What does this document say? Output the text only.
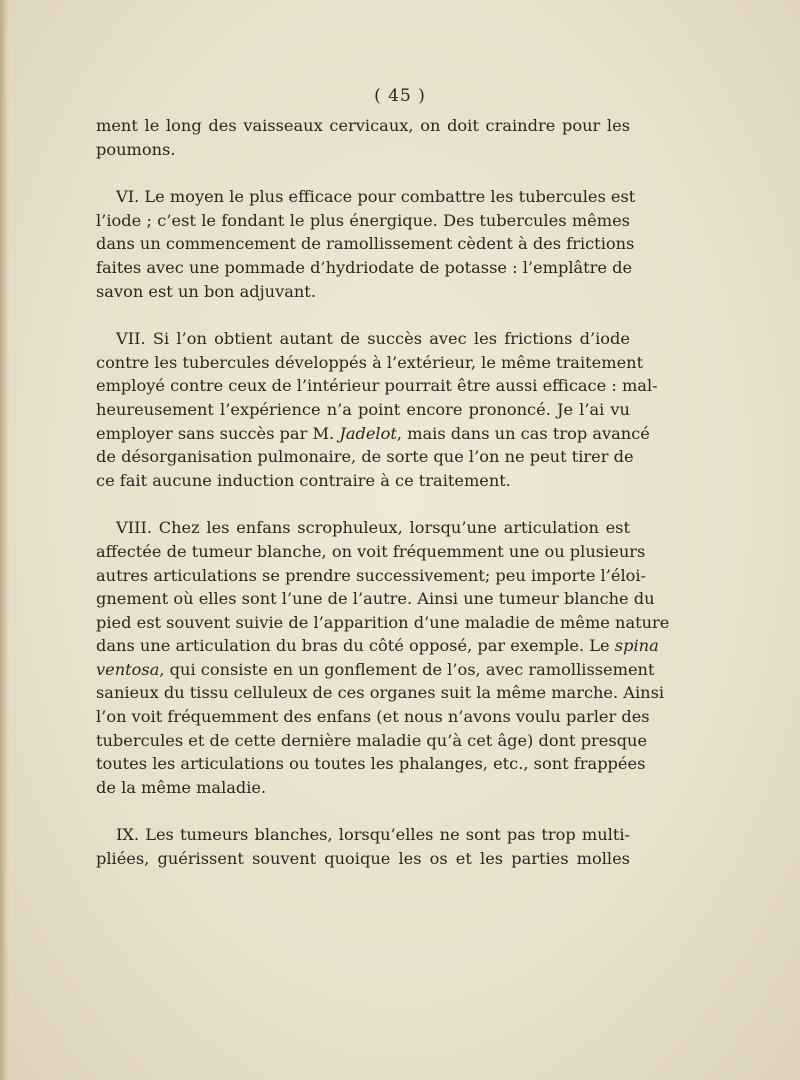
( 45 )
ment le long des vaisseaux cervicaux, on doit craindre pour les
poumons.
VI. Le moyen le plus efficace pour combattre les tubercules est
l’iode ; c’est le fondant le plus énergique. Des tubercules mêmes
dans un commencement de ramollissement cèdent à des frictions
faites avec une pommade d’hydriodate de potasse : l’emplâtre de
savon est un bon adjuvant.
VII. Si l’on obtient autant de succès avec les frictions d’iode
contre les tubercules développés à l’extérieur, le même traitement
employé contre ceux de l’intérieur pourrait être aussi efficace : mal-
heureusement l’expérience n’a point encore prononcé. Je l’ai vu
employer sans succès par M. Jadelot, mais dans un cas trop avancé
de désorganisation pulmonaire, de sorte que l’on ne peut tirer de
ce fait aucune induction contraire à ce traitement.
VIII. Chez les enfans scrophuleux, lorsqu’une articulation est
affectée de tumeur blanche, on voit fréquemment une ou plusieurs
autres articulations se prendre successivement; peu importe l’éloi-
gnement où elles sont l’une de l’autre. Ainsi une tumeur blanche du
pied est souvent suivie de l’apparition d’une maladie de même nature
dans une articulation du bras du côté opposé, par exemple. Le spina
ventosa, qui consiste en un gonflement de l’os, avec ramollissement
sanieux du tissu celluleux de ces organes suit la même marche. Ainsi
l’on voit fréquemment des enfans (et nous n’avons voulu parler des
tubercules et de cette dernière maladie qu’à cet âge) dont presque
toutes les articulations ou toutes les phalanges, etc., sont frappées
de la même maladie.
IX. Les tumeurs blanches, lorsqu’elles ne sont pas trop multi-
pliées, guérissent souvent quoique les os et les parties molles
